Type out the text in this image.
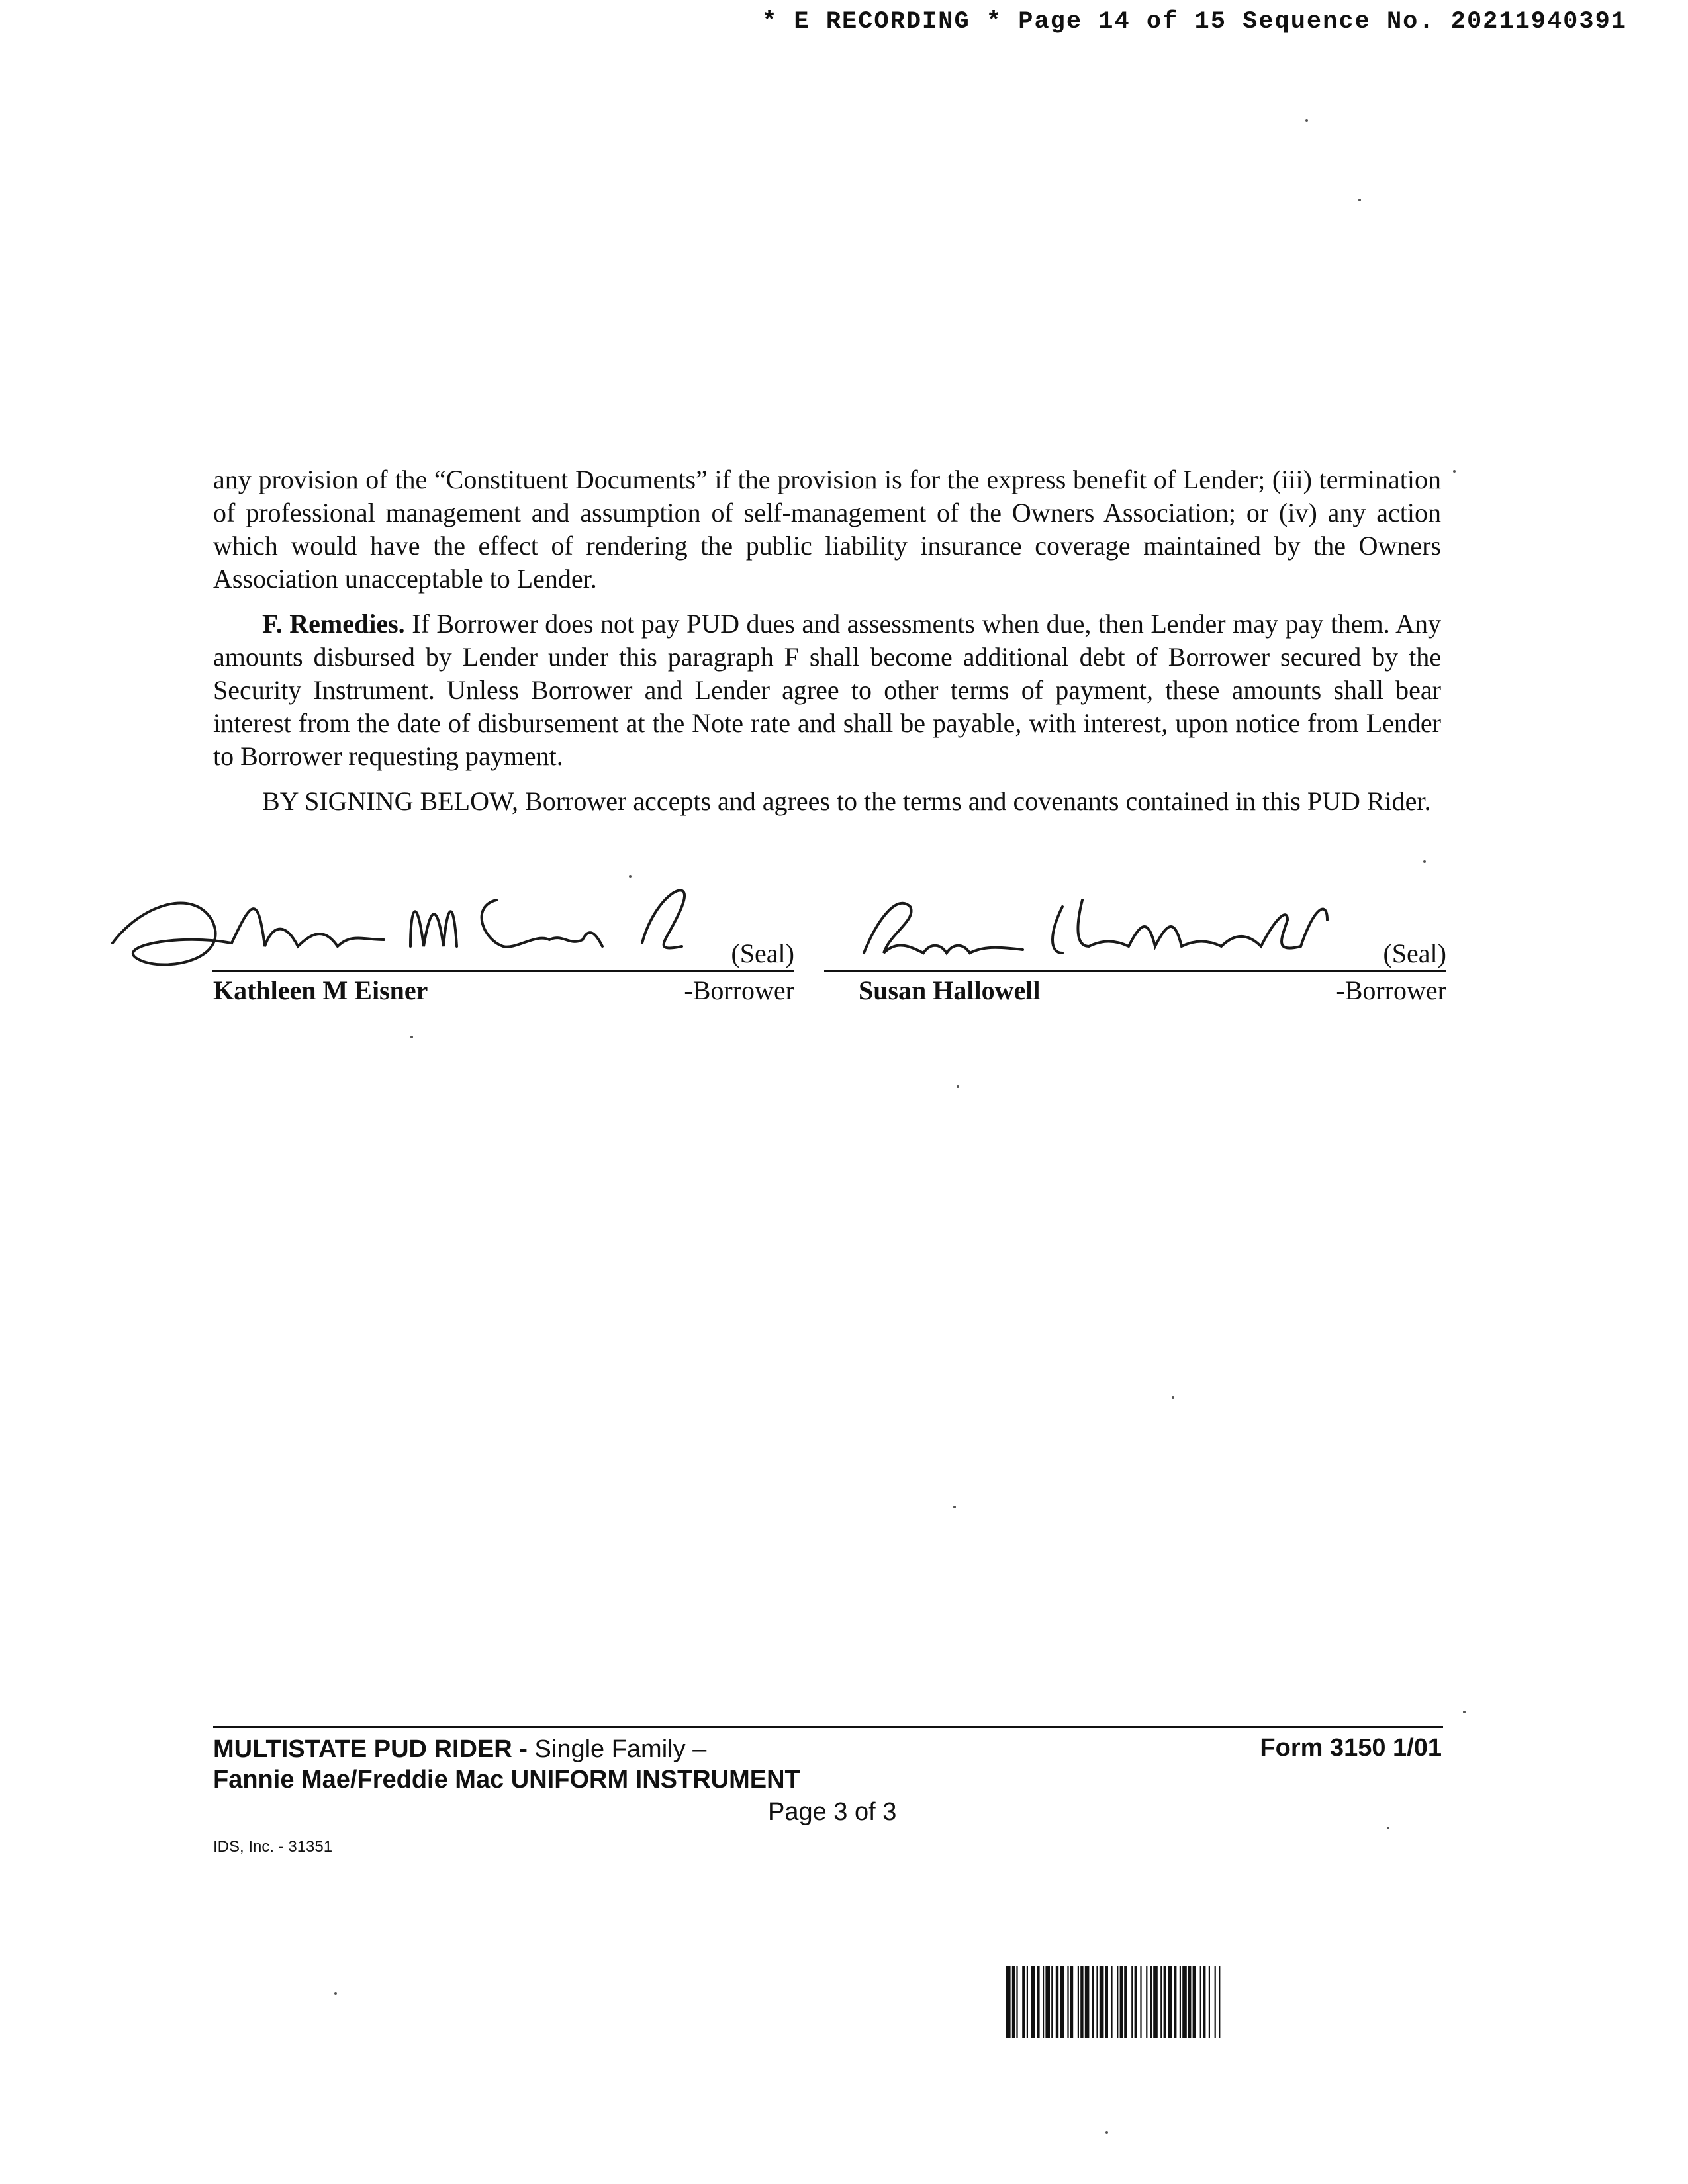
* E RECORDING * Page 14 of 15 Sequence No. 20211940391

any provision of the “Constituent Documents” if the provision is for the express benefit of Lender; (iii) termination of professional management and assumption of self-management of the Owners Association; or (iv) any action which would have the effect of rendering the public liability insurance coverage maintained by the Owners Association unacceptable to Lender.

F. Remedies. If Borrower does not pay PUD dues and assessments when due, then Lender may pay them. Any amounts disbursed by Lender under this paragraph F shall become additional debt of Borrower secured by the Security Instrument. Unless Borrower and Lender agree to other terms of payment, these amounts shall bear interest from the date of disbursement at the Note rate and shall be payable, with interest, upon notice from Lender to Borrower requesting payment.

BY SIGNING BELOW, Borrower accepts and agrees to the terms and covenants contained in this PUD Rider.

(Seal)
Kathleen M Eisner	-Borrower
(Seal)
Susan Hallowell	-Borrower
MULTISTATE PUD RIDER - Single Family –
Fannie Mae/Freddie Mac UNIFORM INSTRUMENT
Form 3150 1/01
Page 3 of 3
IDS, Inc. - 31351
